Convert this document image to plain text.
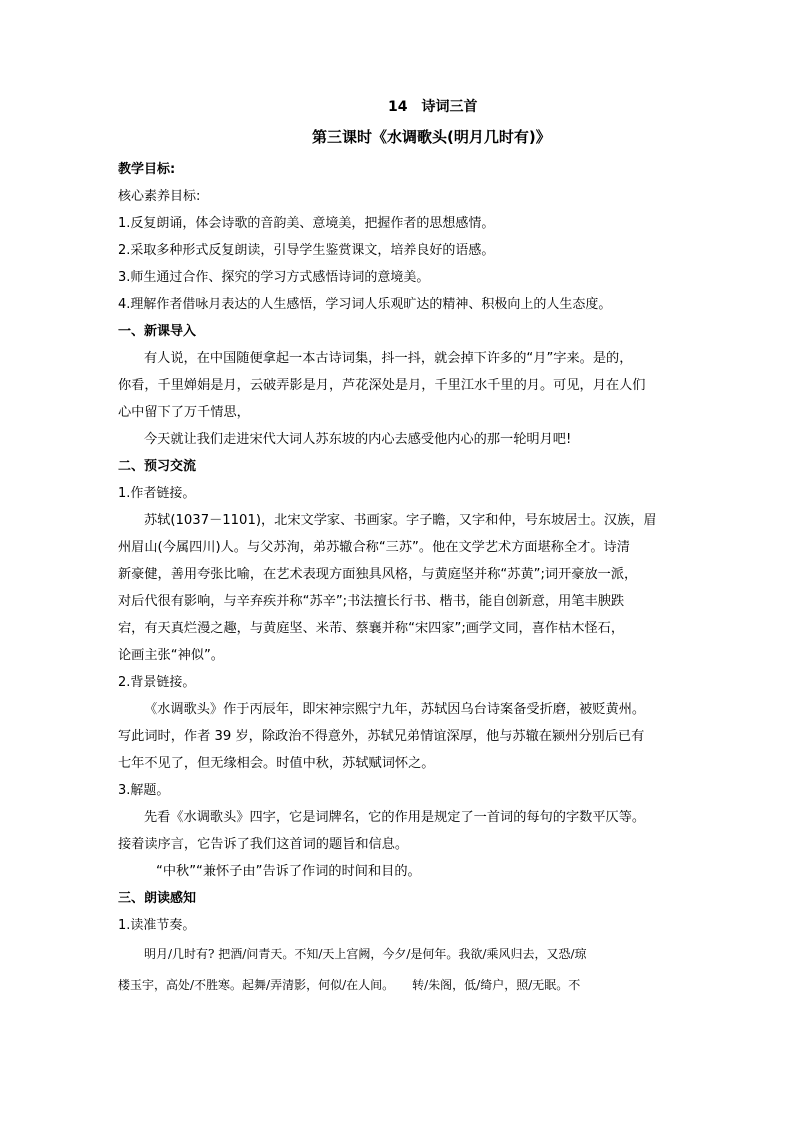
14　诗词三首
第三课时《水调歌头(明月几时有)》
教学目标:
核心素养目标:
1.反复朗诵，体会诗歌的音韵美、意境美，把握作者的思想感情。
2.采取多种形式反复朗读，引导学生鉴赏课文，培养良好的语感。
3.师生通过合作、探究的学习方式感悟诗词的意境美。
4.理解作者借咏月表达的人生感悟，学习词人乐观旷达的精神、积极向上的人生态度。
一、新课导入
有人说，在中国随便拿起一本古诗词集，抖一抖，就会掉下许多的“月”字来。是的，
你看，千里婵娟是月，云破弄影是月，芦花深处是月，千里江水千里的月。可见，月在人们
心中留下了万千情思，
今天就让我们走进宋代大词人苏东坡的内心去感受他内心的那一轮明月吧!
二、预习交流
1.作者链接。
苏轼(1037－1101)，北宋文学家、书画家。字子瞻，又字和仲，号东坡居士。汉族，眉
州眉山(今属四川)人。与父苏洵，弟苏辙合称“三苏”。他在文学艺术方面堪称全才。诗清
新豪健，善用夸张比喻，在艺术表现方面独具风格，与黄庭坚并称“苏黄”;词开豪放一派，
对后代很有影响，与辛弃疾并称“苏辛”;书法擅长行书、楷书，能自创新意，用笔丰腴跌
宕，有天真烂漫之趣，与黄庭坚、米芾、蔡襄并称“宋四家”;画学文同，喜作枯木怪石，
论画主张“神似”。
2.背景链接。
《水调歌头》作于丙辰年，即宋神宗熙宁九年，苏轼因乌台诗案备受折磨，被贬黄州。
写此词时，作者 39 岁，除政治不得意外，苏轼兄弟情谊深厚，他与苏辙在颍州分别后已有
七年不见了，但无缘相会。时值中秋，苏轼赋词怀之。
3.解题。
先看《水调歌头》四字，它是词牌名，它的作用是规定了一首词的每句的字数平仄等。
接着读序言，它告诉了我们这首词的题旨和信息。
“中秋”“兼怀子由”告诉了作词的时间和目的。
三、朗读感知
1.读准节奏。
明月/几时有? 把酒/问青天。不知/天上宫阙，今夕/是何年。我欲/乘风归去，又恐/琼
楼玉宇，高处/不胜寒。起舞/弄清影，何似/在人间。　　转/朱阁，低/绮户，照/无眠。不
